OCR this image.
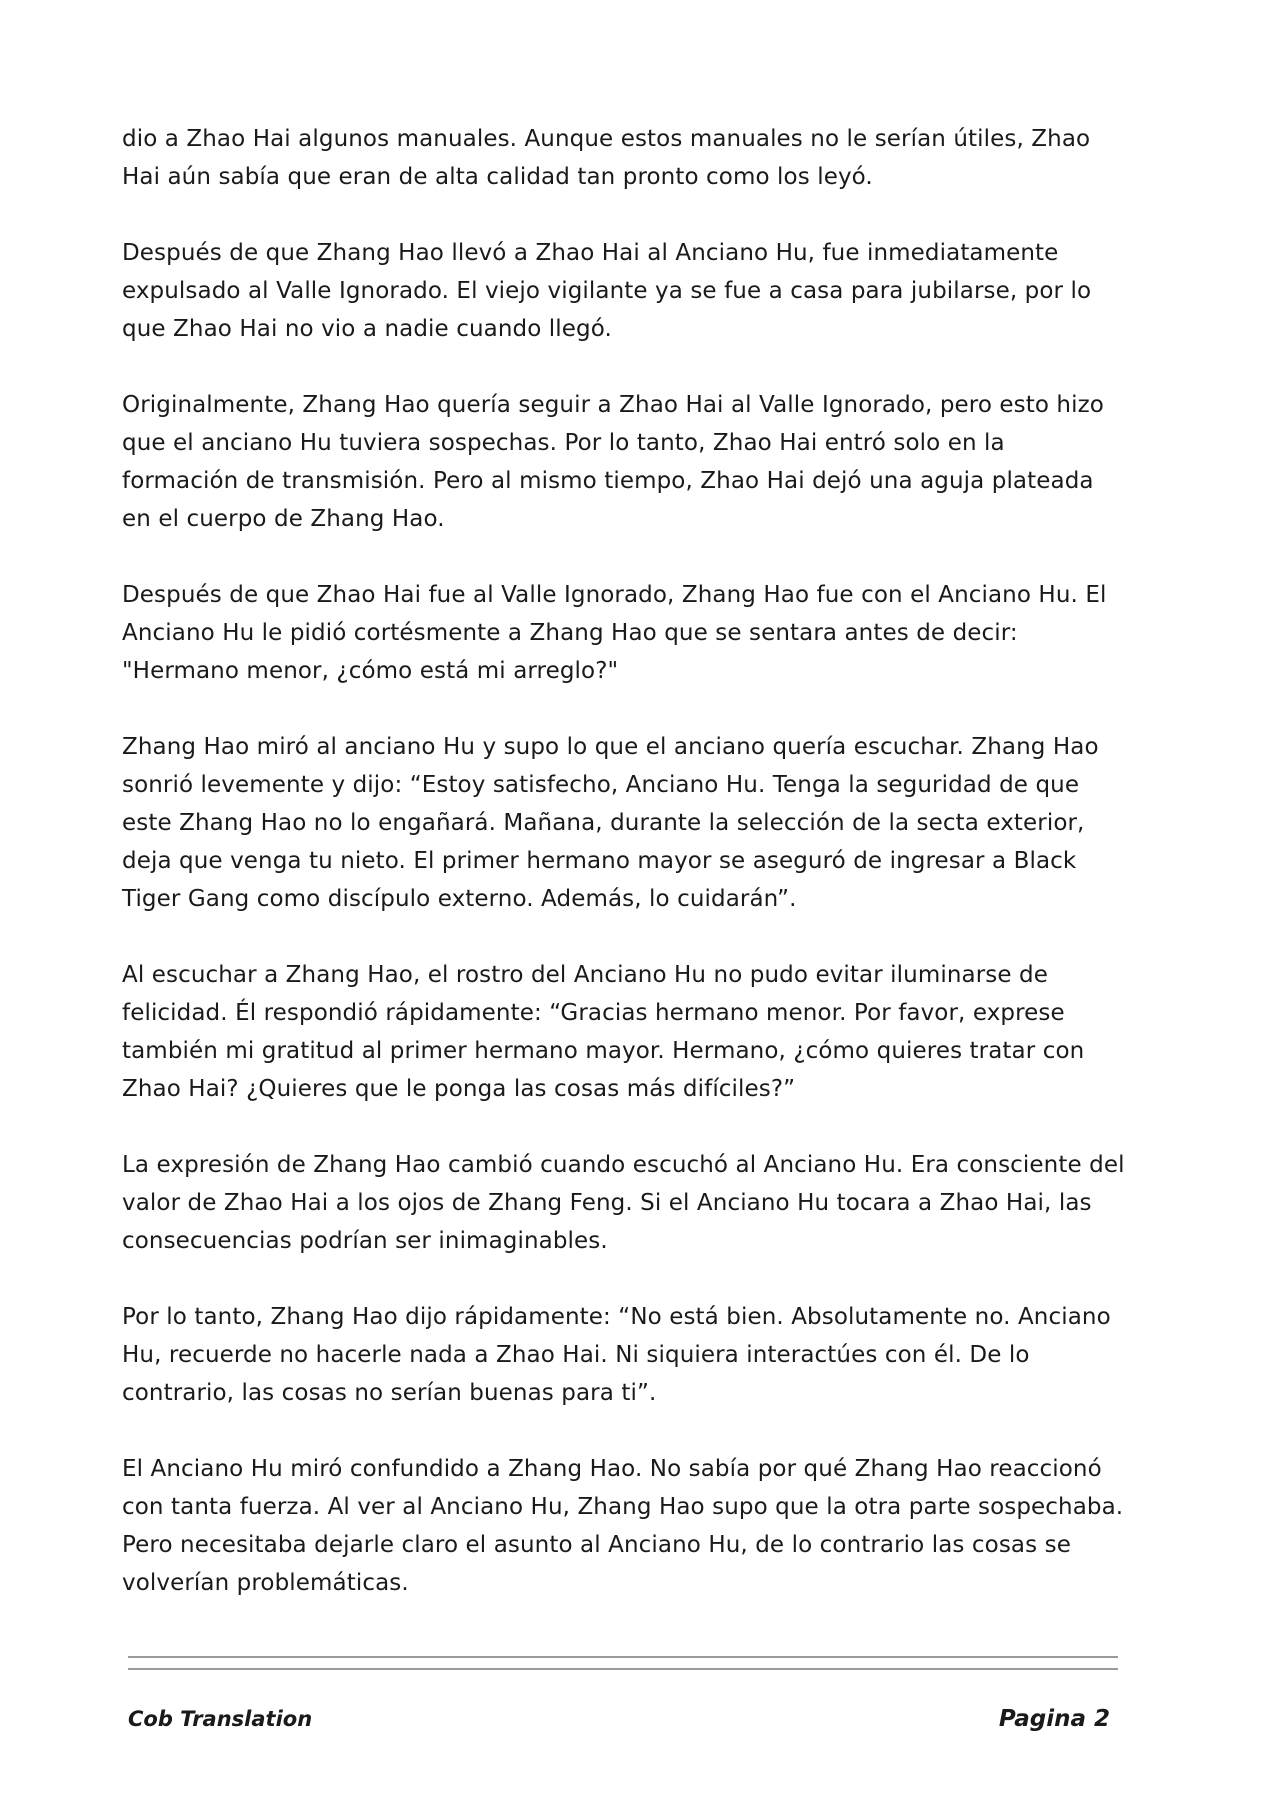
dio a Zhao Hai algunos manuales. Aunque estos manuales no le serían útiles, Zhao Hai aún sabía que eran de alta calidad tan pronto como los leyó.

Después de que Zhang Hao llevó a Zhao Hai al Anciano Hu, fue inmediatamente expulsado al Valle Ignorado. El viejo vigilante ya se fue a casa para jubilarse, por lo que Zhao Hai no vio a nadie cuando llegó.

Originalmente, Zhang Hao quería seguir a Zhao Hai al Valle Ignorado, pero esto hizo que el anciano Hu tuviera sospechas. Por lo tanto, Zhao Hai entró solo en la formación de transmisión. Pero al mismo tiempo, Zhao Hai dejó una aguja plateada en el cuerpo de Zhang Hao.

Después de que Zhao Hai fue al Valle Ignorado, Zhang Hao fue con el Anciano Hu. El Anciano Hu le pidió cortésmente a Zhang Hao que se sentara antes de decir: "Hermano menor, ¿cómo está mi arreglo?"

Zhang Hao miró al anciano Hu y supo lo que el anciano quería escuchar. Zhang Hao sonrió levemente y dijo: “Estoy satisfecho, Anciano Hu. Tenga la seguridad de que este Zhang Hao no lo engañará. Mañana, durante la selección de la secta exterior, deja que venga tu nieto. El primer hermano mayor se aseguró de ingresar a Black Tiger Gang como discípulo externo. Además, lo cuidarán”.

Al escuchar a Zhang Hao, el rostro del Anciano Hu no pudo evitar iluminarse de felicidad. Él respondió rápidamente: “Gracias hermano menor. Por favor, exprese también mi gratitud al primer hermano mayor. Hermano, ¿cómo quieres tratar con Zhao Hai? ¿Quieres que le ponga las cosas más difíciles?”

La expresión de Zhang Hao cambió cuando escuchó al Anciano Hu. Era consciente del valor de Zhao Hai a los ojos de Zhang Feng. Si el Anciano Hu tocara a Zhao Hai, las consecuencias podrían ser inimaginables.

Por lo tanto, Zhang Hao dijo rápidamente: “No está bien. Absolutamente no. Anciano Hu, recuerde no hacerle nada a Zhao Hai. Ni siquiera interactúes con él. De lo contrario, las cosas no serían buenas para ti”.

El Anciano Hu miró confundido a Zhang Hao. No sabía por qué Zhang Hao reaccionó con tanta fuerza. Al ver al Anciano Hu, Zhang Hao supo que la otra parte sospechaba. Pero necesitaba dejarle claro el asunto al Anciano Hu, de lo contrario las cosas se volverían problemáticas.

Cob Translation	Pagina 2
